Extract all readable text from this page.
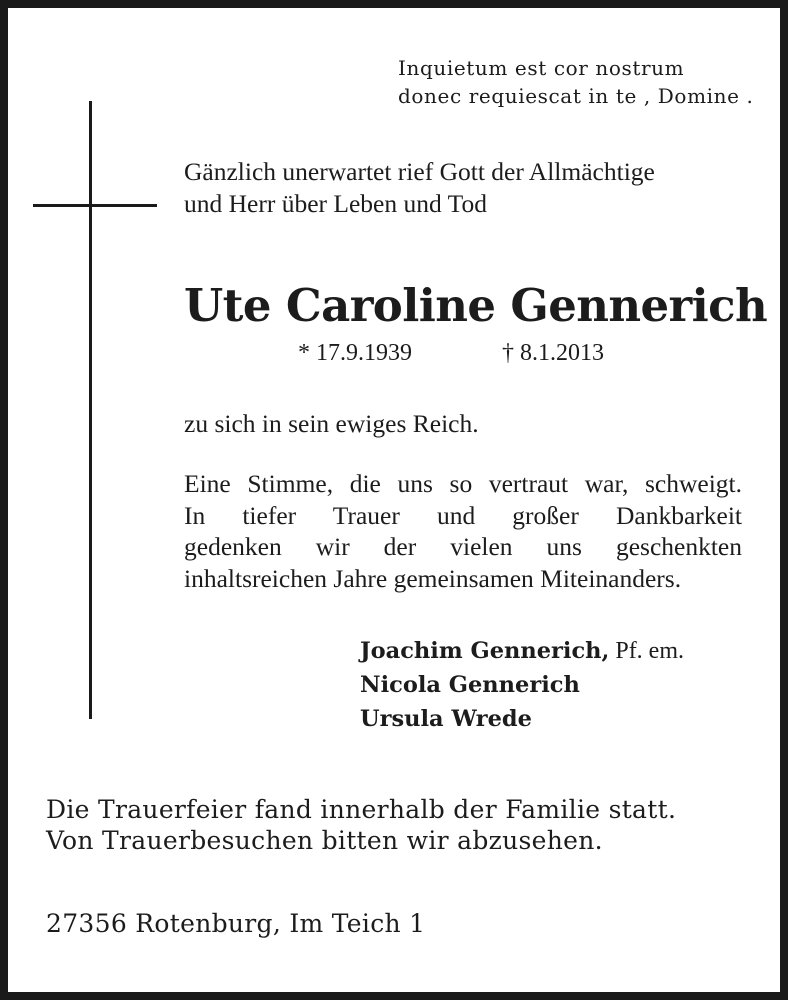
Inquietum est cor nostrum
donec requiescat in te , Domine .
Gänzlich unerwartet rief Gott der Allmächtige
und Herr über Leben und Tod
Ute Caroline Gennerich
* 17.9.1939	† 8.1.2013
zu sich in sein ewiges Reich.

Eine Stimme, die uns so vertraut war, schweigt.

In tiefer Trauer und großer Dankbarkeit

gedenken wir der vielen uns geschenkten

inhaltsreichen Jahre gemeinsamen Miteinanders.

Joachim Gennerich, Pf. em.
Nicola Gennerich
Ursula Wrede
Die Trauerfeier fand innerhalb der Familie statt.
Von Trauerbesuchen bitten wir abzusehen.
27356 Rotenburg, Im Teich 1
